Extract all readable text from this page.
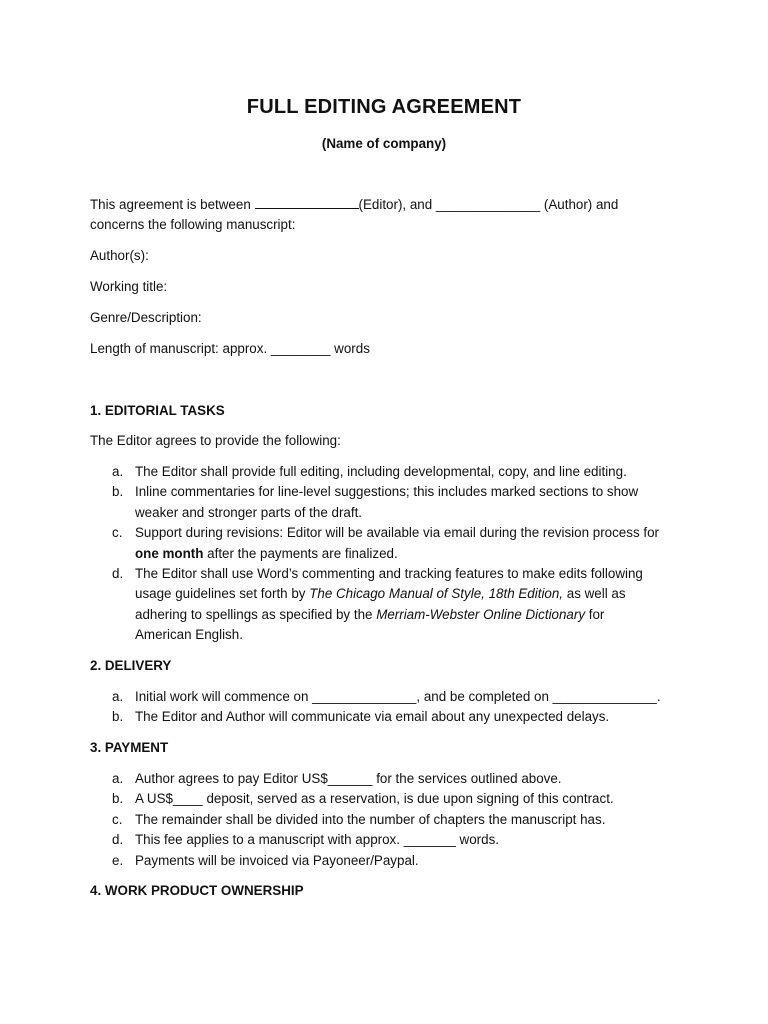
FULL EDITING AGREEMENT
(Name of company)
This agreement is between	(Editor), and ______________ (Author) and
concerns the following manuscript:
Author(s):
Working title:
Genre/Description:
Length of manuscript: approx. ________ words
1. EDITORIAL TASKS
The Editor agrees to provide the following:
a. The Editor shall provide full editing, including developmental, copy, and line editing.
b. Inline commentaries for line-level suggestions; this includes marked sections to show
weaker and stronger parts of the draft.
c. Support during revisions: Editor will be available via email during the revision process for
one month after the payments are finalized.
d. The Editor shall use Word’s commenting and tracking features to make edits following
usage guidelines set forth by The Chicago Manual of Style, 18th Edition, as well as
adhering to spellings as specified by the Merriam-Webster Online Dictionary for
American English.
2. DELIVERY
a. Initial work will commence on ______________, and be completed on ______________.
b. The Editor and Author will communicate via email about any unexpected delays.
3. PAYMENT
a. Author agrees to pay Editor US$______ for the services outlined above.
b. A US$____ deposit, served as a reservation, is due upon signing of this contract.
c. The remainder shall be divided into the number of chapters the manuscript has.
d. This fee applies to a manuscript with approx. _______ words.
e. Payments will be invoiced via Payoneer/Paypal.
4. WORK PRODUCT OWNERSHIP
